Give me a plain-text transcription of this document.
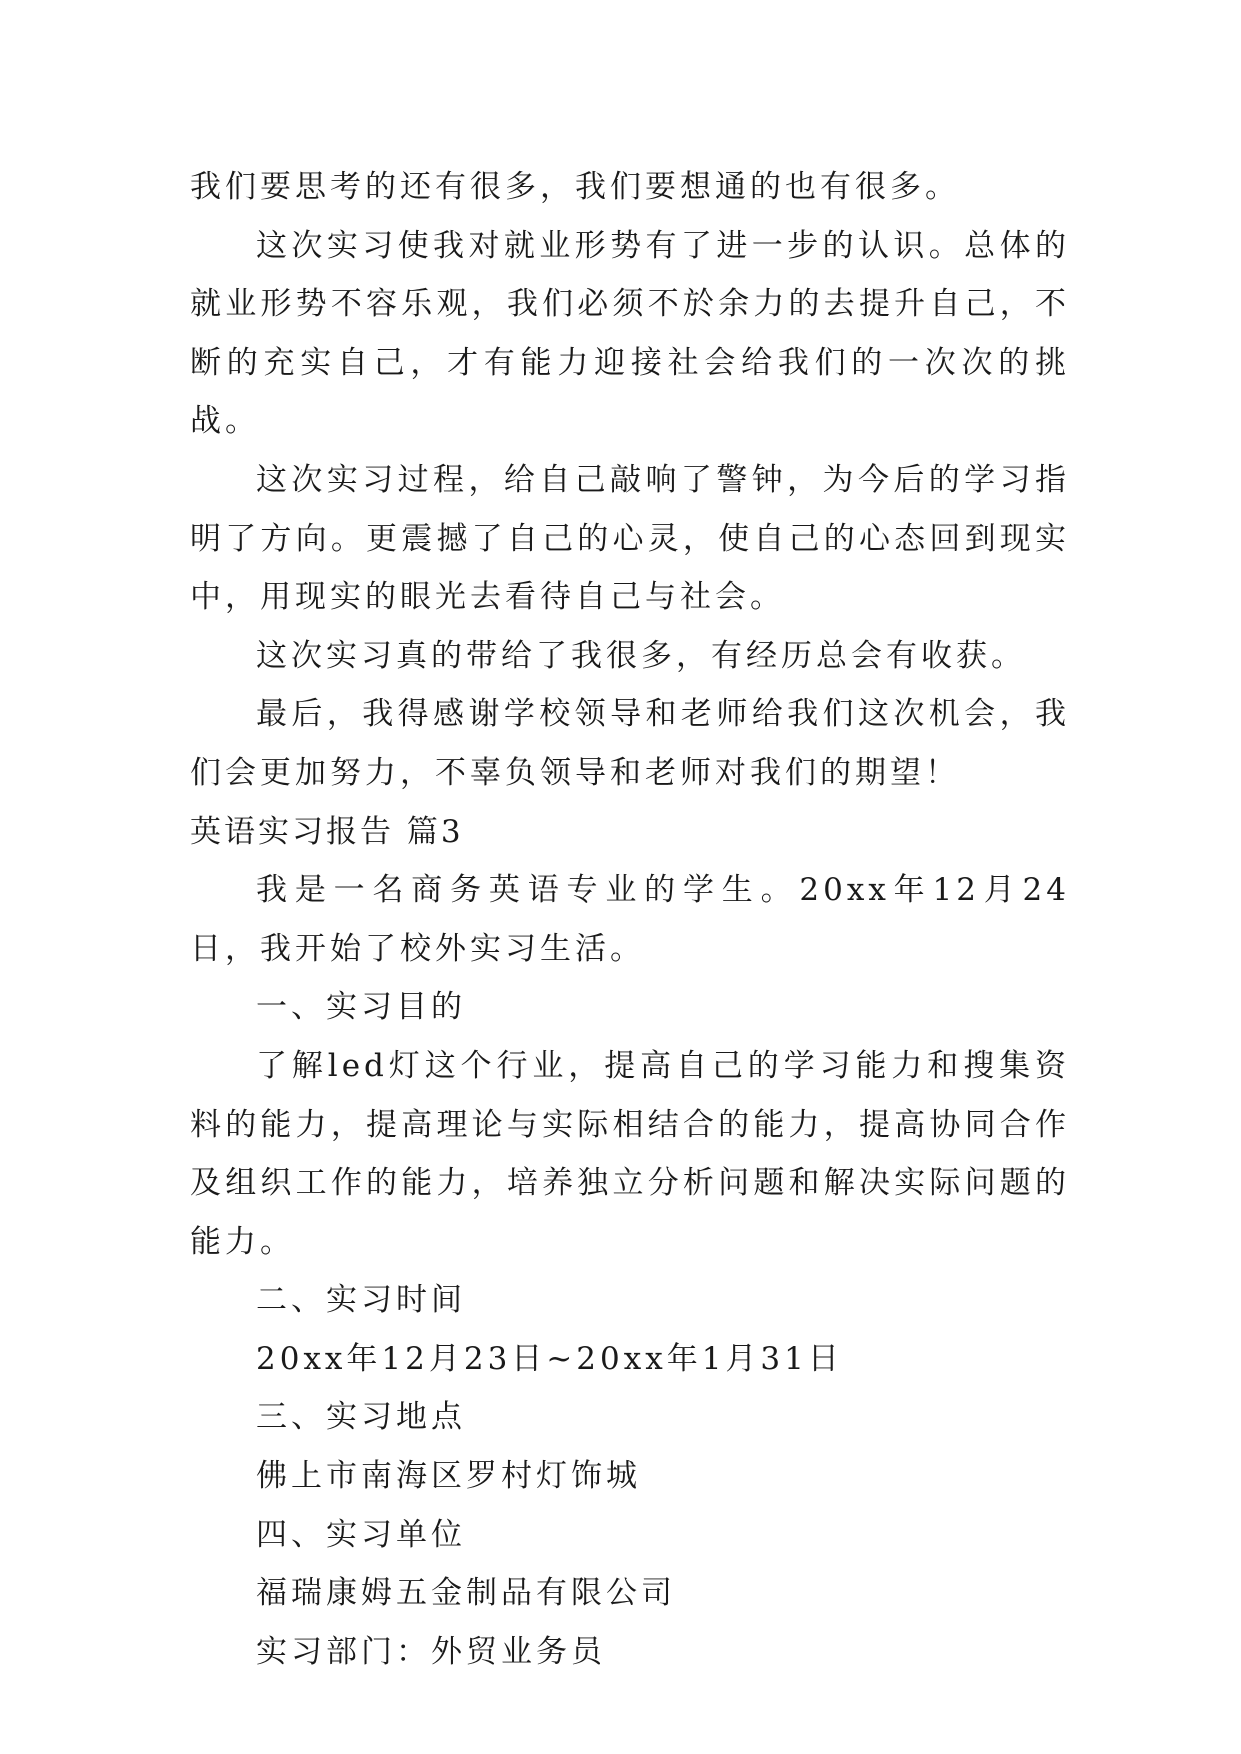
我们要思考的还有很多，我们要想通的也有很多。

这次实习使我对就业形势有了进一步的认识。总体的就业形势不容乐观，我们必须不於余力的去提升自己，不断的充实自己，才有能力迎接社会给我们的一次次的挑战。

这次实习过程，给自己敲响了警钟，为今后的学习指明了方向。更震撼了自己的心灵，使自己的心态回到现实中，用现实的眼光去看待自己与社会。

这次实习真的带给了我很多，有经历总会有收获。

最后，我得感谢学校领导和老师给我们这次机会，我们会更加努力，不辜负领导和老师对我们的期望！

英语实习报告 篇3

我是一名商务英语专业的学生。20xx年12月24日，我开始了校外实习生活。

一、实习目的

了解led灯这个行业，提高自己的学习能力和搜集资料的能力，提高理论与实际相结合的能力，提高协同合作及组织工作的能力，培养独立分析问题和解决实际问题的能力。

二、实习时间

20xx年12月23日~20xx年1月31日

三、实习地点

佛上市南海区罗村灯饰城

四、实习单位

福瑞康姆五金制品有限公司

实习部门：外贸业务员
